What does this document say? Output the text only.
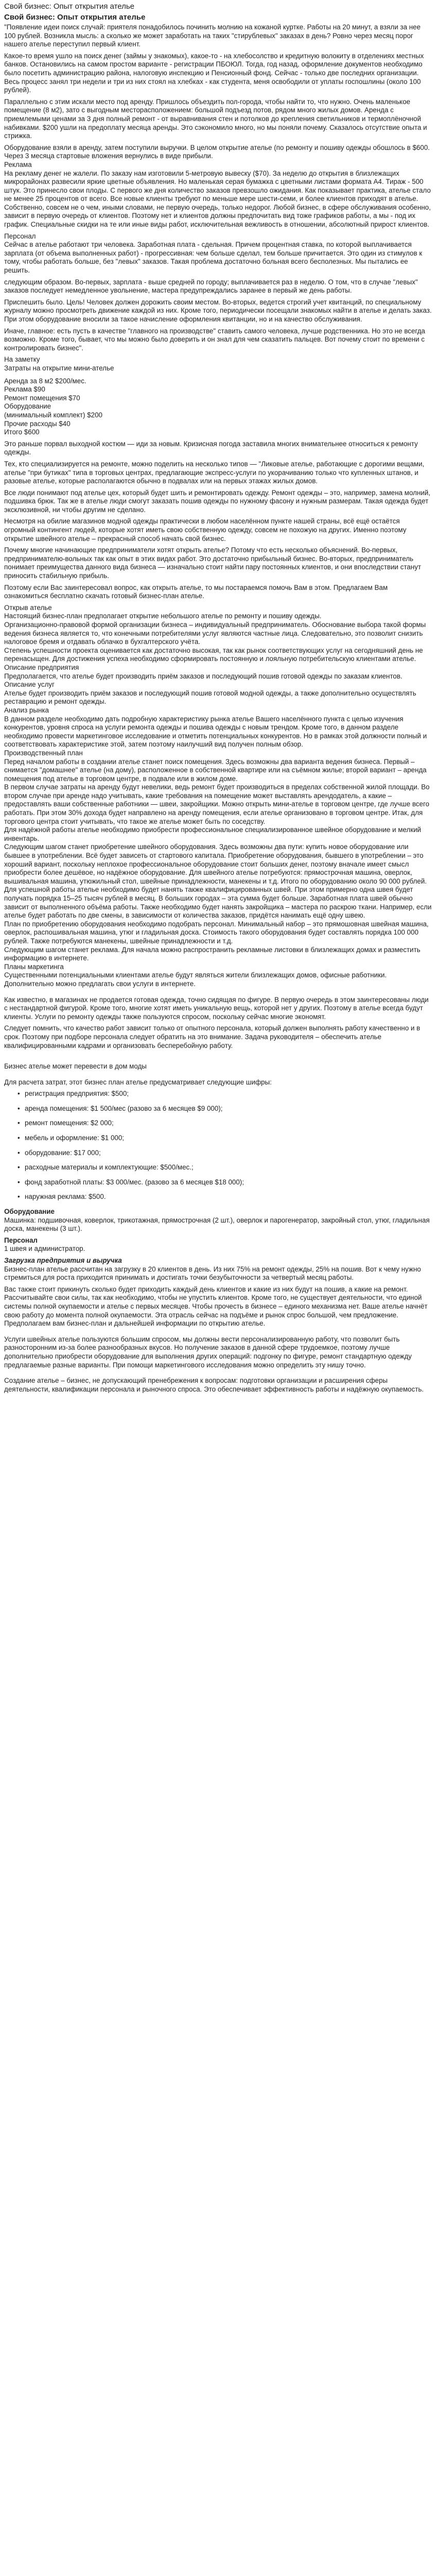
Свой бизнес: Опыт открытия ателье
Свой бизнес: Опыт открытия ателье

"Появление идеи поиск случай: приятеля понадобилось починить молнию на кожаной куртке. Работы на 20 минут, а взяли за нее 100 рублей. Возникла мысль: а сколько же может заработать на таких "стирублевых" заказах в день? Ровно через месяц порог нашего ателье переступил первый клиент.

Какое-то время ушло на поиск денег (займы у знакомых), какое-то - на хлебосолство и кредитную волокиту в отделениях местных банков. Остановились на самом простом варианте - регистрации ПБОЮЛ. Тогда, год назад, оформление документов необходимо было посетить администрацию района, налоговую инспекцию и Пенсионный фонд. Сейчас - только две последних организации. Весь процесс занял три недели и три из них стоял на хлебках - как студента, меня освободили от уплаты госпошлины (около 100 рублей).

Параллельно с этим искали место под аренду. Пришлось объездить пол-города, чтобы найти то, что нужно. Очень маленькое помещение (8 м2), зато с выгодным месторасположением: большой подъезд потов, рядом много жилых домов. Аренда с приемлемыми ценами за 3 дня полный ремонт - от выравнивания стен и потолков до крепления светильников и термоплёночной набивками. $200 ушли на предоплату месяца аренды. Это сэкономило много, но мы поняли почему. Сказалось отсутствие опыта и стрижка.

Оборудование взяли в аренду, затем поступили выручки. В целом открытие ателье (по ремонту и пошиву одежды обошлось в $600. Через 3 месяца стартовые вложения вернулись в виде прибыли.

Реклама

На рекламу денег не жалели. По заказу нам изготовили 5-метровую вывеску ($70). За неделю до открытия в близлежащих микрорайонах развесили яркие цветные объявления. Но маленькая серая бумажка с цветными листами формата А4. Тираж - 500 штук. Это принесло свои плоды. С первого же дня количество заказов превзошло ожидания. Как показывает практика, ателье стало не менее 25 процентов от всего. Все новые клиенты требуют по меньше мере шести-семи, и более клиентов приходят в ателье. Собственно, совсем не о чем, иными словами, не первую очередь, только недорог. Любой бизнес, в сфере обслуживания особенно, зависит в первую очередь от клиентов. Поэтому нет и клиентов должны предпочитать вид тоже графиков работы, а мы - под их график. Специальные скидки на те или иные виды работ, исключительная вежливость в отношении, абсолютный прирост клиентов.

Персонал

Сейчас в ателье работают три человека. Заработная плата - сдельная. Причем процентная ставка, по которой выплачивается зарплата (от объема выполненных работ) - прогрессивная: чем больше сделал, тем больше причитается. Это один из стимулов к тому, чтобы работать больше, без "левых" заказов. Такая проблема достаточно больная всего бесполезных. Мы пытались ее решить.

следующим образом. Во-первых, зарплата - выше средней по городу; выплачивается раз в неделю. О том, что в случае "левых" заказов последует немедленное увольнение, мастера предупреждались заранее в первый же день работы.

Приспешить было. Цель! Человек должен дорожить своим местом. Во-вторых, ведется строгий учет квитанций, по специальному журналу можно просмотреть движение каждой из них. Кроме того, периодически посещали знакомых найти в ателье и делать заказ. При этом оборудование вносили за такое начисление оформления квитанции, но и на качество обслуживания.

Иначе, главное: есть пусть в качестве "главного на производстве" ставить самого человека, лучше родственника. Но это не всегда возможно. Кроме того, бывает, что мы можно было доверить и он знал для чем сказатить пальцев. Вот почему стоит по времени с контролировать бизнес".

На заметку

Затраты на открытие мини-ателье

Аренда за 8 м2 $200/мес.

Реклама $90

Ремонт помещения $70

Оборудование

(минимальный комплект) $200

Прочие расходы $40

Итого $600

Это раньше порвал выходной костюм — иди за новым. Кризисная погода заставила многих внимательнее относиться к ремонту одежды.

Тех, кто специализируется на ремонте, можно поделить на несколько типов — "Ликовые ателье, работающие с дорогими вещами, ателье "при бутиках" типа в торговых центрах, предлагающие экспресс-услуги по укорачиванию только что купленных штанов, и разовые ателье, которые располагаются обычно в подвалах или на первых этажах жилых домов.

Все люди понимают под ателье цех, который будет шить и ремонтировать одежду. Ремонт одежды – это, например, замена молний, подшивка брюк. Так же в ателье люди смогут заказать пошив одежды по нужному фасону и нужным размерам. Такая одежда будет эксклюзивной, ни чтобы другим не сделано.

Несмотря на обилие магазинов модной одежды практически в любом населённом пункте нашей страны, всё ещё остаётся огромный контингент людей, которые хотят иметь свою собственную одежду, совсем не похожую на других. Именно поэтому открытие швейного ателье – прекрасный способ начать свой бизнес.

Почему многие начинающие предприниматели хотят открыть ателье? Потому что есть несколько объяснений. Во-первых, предпринимателю-вольных так как опыт в этих видах работ. Это достаточно прибыльный бизнес. Во-вторых, предприниматель понимает преимущества данного вида бизнеса — изначально стоит найти пару постоянных клиентов, и они впоследствии станут приносить стабильную прибыль.

Поэтому если Вас заинтересовал вопрос, как открыть ателье, то мы постараемся помочь Вам в этом. Предлагаем Вам ознакомиться бесплатно скачать готовый бизнес-план ателье.

Открыв ателье

Настоящий бизнес-план предполагает открытие небольшого ателье по ремонту и пошиву одежды.

Организационно-правовой формой организации бизнеса – индивидуальный предприниматель. Обоснование выбора такой формы ведения бизнеса является то, что конечными потребителями услуг являются частные лица. Следовательно, это позволит снизить налоговое бремя и отдавать облачко в бухгалтерского учёта.

Степень успешности проекта оценивается как достаточно высокая, так как рынок соответствующих услуг на сегодняшний день не перенасыщен. Для достижения успеха необходимо сформировать постоянную и лояльную потребительскую клиентами ателье.

Описание предприятия

Предполагается, что ателье будет производить приём заказов и последующий пошив готовой одежды по заказам клиентов.

Описание услуг

Ателье будет производить приём заказов и последующий пошив готовой модной одежды, а также дополнительно осуществлять реставрацию и ремонт одежды.

Анализ рынка

В данном разделе необходимо дать подробную характеристику рынка ателье Вашего населённого пункта с целью изучения конкурентов, уровня спроса на услуги ремонта одежды и пошива одежды с новым трендом. Кроме того, в данном разделе необходимо провести маркетинговое исследование и отметить потенциальных конкурентов. Но в рамках этой должности полный и соответствовать характеристике этой, затем поэтому наилучший вид получен полным обзор.

Производственный план

Перед началом работы в создании ателье станет поиск помещения. Здесь возможны два варианта ведения бизнеса. Первый – снимается "домашнее" ателье (на дому), расположенное в собственной квартире или на съёмном жилье; второй вариант – аренда помещения под ателье в торговом центре, в подвале или в жилом доме.

В первом случае затраты на аренду будут невелики, ведь ремонт будет производиться в пределах собственной жилой площади. Во втором случае при аренде надо учитывать, какие требования на помещение может выставлять арендодатель, а какие – предоставлять ваши собственные работники — швеи, закройщики. Можно открыть мини-ателье в торговом центре, где лучше всего работать. При этом 30% дохода будет направлено на аренду помещения, если ателье организовано в торговом центре. Итак, для торгового центра стоит учитывать, что такое же ателье может быть по соседству.

Для надёжной работы ателье необходимо приобрести профессиональное специализированное швейное оборудование и мелкий инвентарь.

Следующим шагом станет приобретение швейного оборудования. Здесь возможны два пути: купить новое оборудование или бывшее в употреблении. Всё будет зависеть от стартового капитала. Приобретение оборудования, бывшего в употреблении – это хороший вариант, поскольку неплохое профессиональное оборудование стоит больших денег, поэтому вначале имеет смысл приобрести более дешёвое, но надёжное оборудование. Для швейного ателье потребуются: прямострочная машина, оверлок, вышивальная машина, утюжильный стол, швейные принадлежности, манекены и т.д. Итого по оборудованию около 90 000 рублей.

Для успешной работы ателье необходимо будет нанять также квалифицированных швей. При этом примерно одна швея будет получать порядка 15–25 тысяч рублей в месяц. В больших городах – эта сумма будет больше. Заработная плата швей обычно зависит от выполненного объёма работы. Также необходимо будет нанять закройщика – мастера по раскрою ткани. Например, если ателье будет работать по две смены, в зависимости от количества заказов, придётся нанимать ещё одну швею.

План по приобретению оборудования необходимо подобрать персонал. Минимальный набор – это прямошовная швейная машина, оверлок, распошивальная машина, утюг и гладильная доска. Стоимость такого оборудования будет составлять порядка 100 000 рублей. Также потребуются манекены, швейные принадлежности и т.д.

Следующим шагом станет реклама. Для начала можно распространить рекламные листовки в близлежащих домах и разместить информацию в интернете.

Планы маркетинга

Существенными потенциальными клиентами ателье будут являться жители близлежащих домов, офисные работники. Дополнительно можно предлагать свои услуги в интернете.

Как известно, в магазинах не продается готовая одежда, точно сидящая по фигуре. В первую очередь в этом заинтересованы люди с нестандартной фигурой. Кроме того, многие хотят иметь уникальную вещь, которой нет у других. Поэтому в ателье всегда будут клиенты. Услуги по ремонту одежды также пользуются спросом, поскольку сейчас многие экономят.

Следует помнить, что качество работ зависит только от опытного персонала, который должен выполнять работу качественно и в срок. Поэтому при подборе персонала следует обратить на это внимание. Задача руководителя – обеспечить ателье квалифицированными кадрами и организовать бесперебойную работу.

Бизнес ателье может перевести в дом моды

Для расчета затрат, этот бизнес план ателье предусматривает следующие шифры:

• регистрация предприятия: $500;
• аренда помещения: $1 500/мес (разово за 6 месяцев $9 000);
• ремонт помещения: $2 000;
• мебель и оформление: $1 000;
• оборудование: $17 000;
• расходные материалы и комплектующие: $500/мес.;
• фонд заработной платы: $3 000/мес. (разово за 6 месяцев $18 000);
• наружная реклама: $500.

Оборудование

Машинка: подшивочная, коверлок, трикотажная, прямострочная (2 шт.), оверлок и парогенератор, закройный стол, утюг, гладильная доска, манекены (3 шт.).

Персонал

1 швея и администратор.

Загрузка предприятия и выручка

Бизнес-план ателье рассчитан на загрузку в 20 клиентов в день. Из них 75% на ремонт одежды, 25% на пошив. Вот к чему нужно стремиться для роста приходится принимать и достигать точки безубыточности за четвертый месяц работы.

Вас также стоит прикинуть сколько будет приходить каждый день клиентов и какие из них будут на пошив, а какие на ремонт. Рассчитывайте свои силы, так как необходимо, чтобы не упустить клиентов. Кроме того, не существует деятельности, что единой системы полной окупаемости и ателье с первых месяцев. Чтобы прочесть в бизнесе – единого механизма нет. Ваше ателье начнёт свою работу до момента полной окупаемости. Эта отрасль сейчас на подъёме и рынок спрос большой, чем предложение. Предполагаем вам бизнес-план и дальнейшей информации по открытию ателье.

Услуги швейных ателье пользуются большим спросом, мы должны вести персонализированную работу, что позволит быть разносторонним из-за более разнообразных вкусов. Но получение заказов в данной сфере трудоемкое, поэтому лучше дополнительно приобрести оборудование для выполнения других операций: подгонку по фигуре, ремонт стандартную одежду предлагаемые разные варианты. При помощи маркетингового исследования можно определить эту нишу точно.

Создание ателье – бизнес, не допускающий пренебрежения к вопросам: подготовки организации и расширения сферы деятельности, квалификации персонала и рыночного спроса. Это обеспечивает эффективность работы и надёжную окупаемость.
